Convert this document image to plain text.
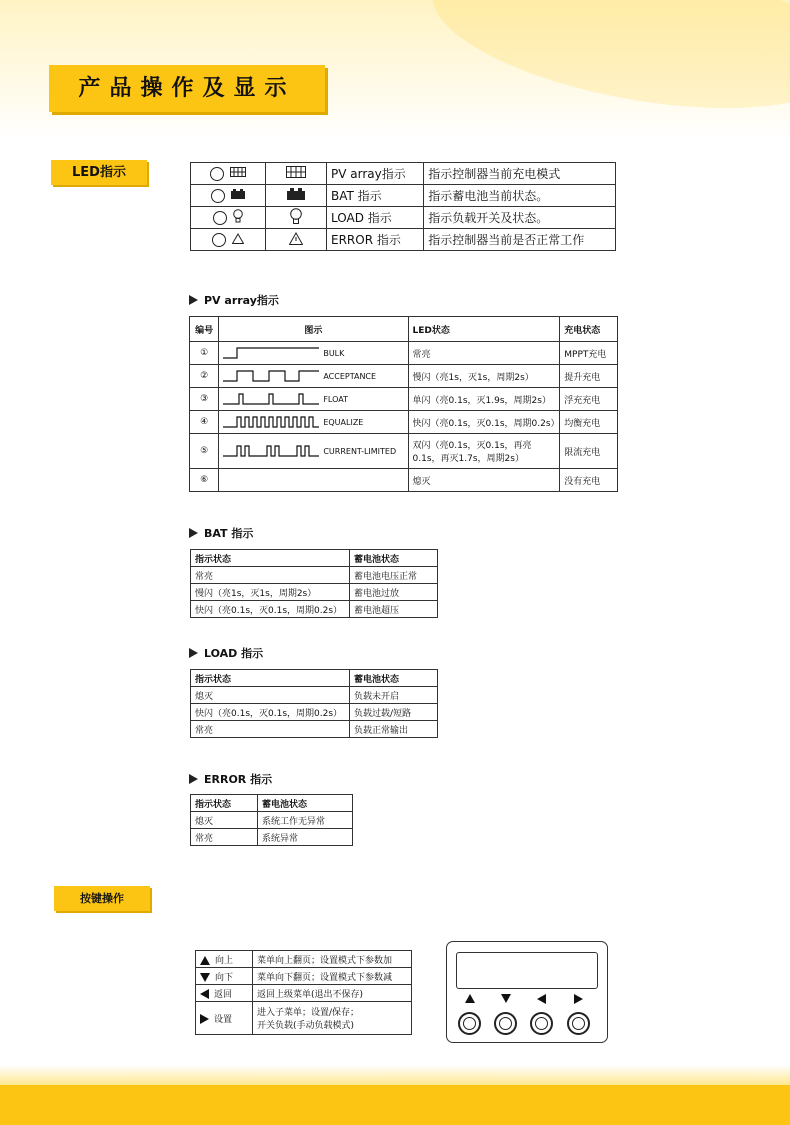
产品操作及显示
LED指示
			PV array指示	指示控制器当前充电模式
		BAT 指示	指示蓄电池当前状态。
		LOAD 指示	指示负载开关及状态。
		ERROR 指示	指示控制器当前是否正常工作
PV array指示
编号	图示	LED状态	充电状态
①	BULK	常亮	MPPT充电
②	ACCEPTANCE	慢闪（亮1s，灭1s，周期2s）	提升充电
③	FLOAT	单闪（亮0.1s，灭1.9s，周期2s）	浮充充电
④	EQUALIZE	快闪（亮0.1s，灭0.1s，周期0.2s）	均衡充电
⑤	CURRENT-LIMITED	双闪（亮0.1s，灭0.1s，再亮0.1s，再灭1.7s，周期2s）	限流充电
⑥		熄灭	没有充电
BAT 指示
指示状态	蓄电池状态
常亮	蓄电池电压正常
慢闪（亮1s，灭1s，周期2s）	蓄电池过放
快闪（亮0.1s，灭0.1s，周期0.2s）	蓄电池超压
LOAD 指示
指示状态	蓄电池状态
熄灭	负载未开启
快闪（亮0.1s，灭0.1s，周期0.2s）	负载过载/短路
常亮	负载正常输出
ERROR 指示
指示状态	蓄电池状态
熄灭	系统工作无异常
常亮	系统异常
按键操作
向上	菜单向上翻页；设置模式下参数加
向下	菜单向下翻页；设置模式下参数减
返回	返回上级菜单(退出不保存)
设置	进入子菜单；设置/保存；
开关负载(手动负载模式)
